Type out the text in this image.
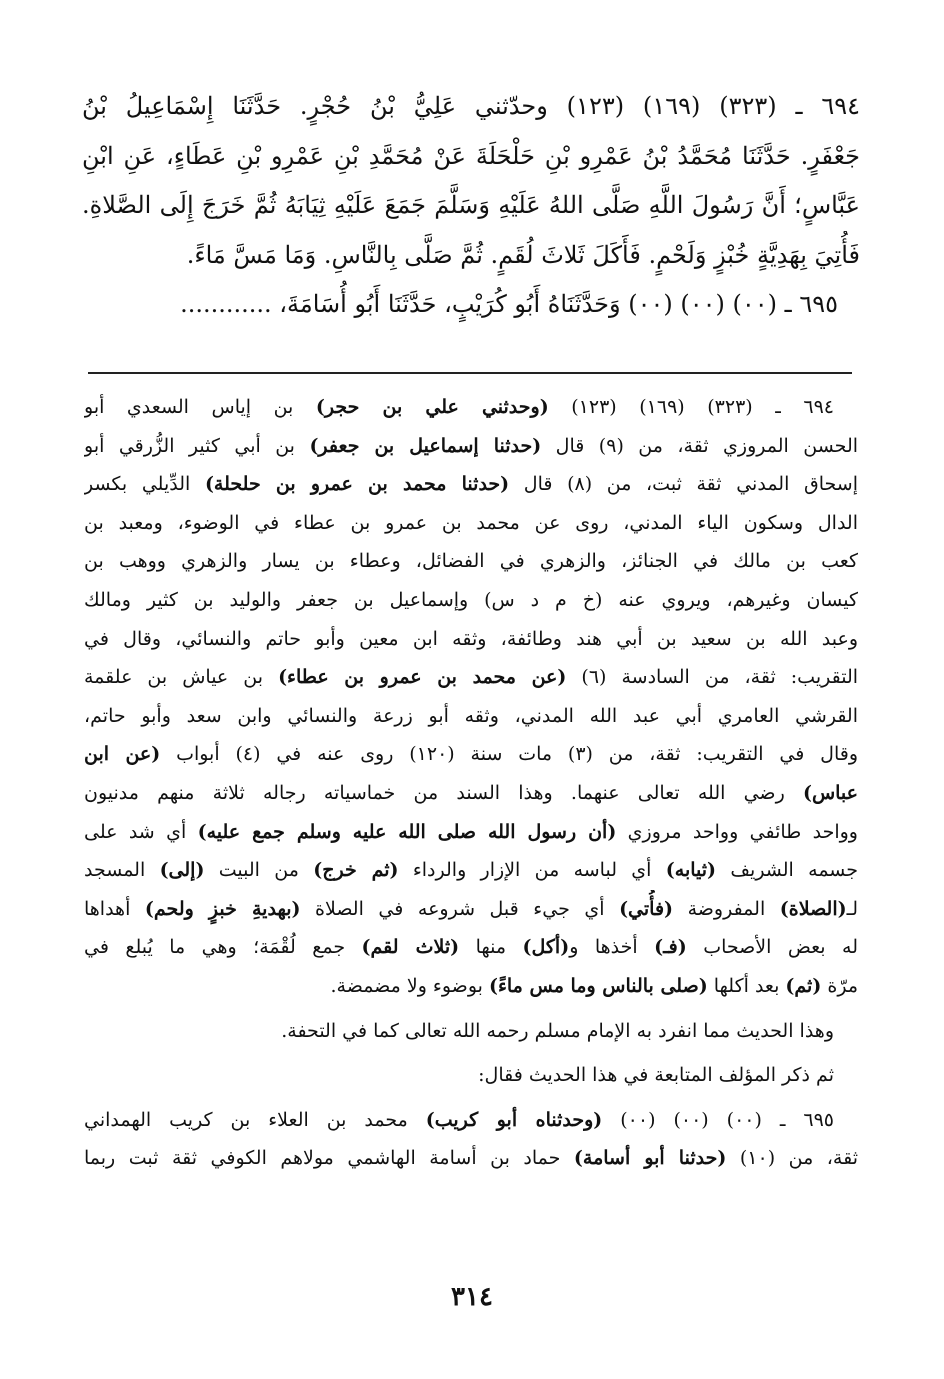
٦٩٤ ـ (٣٢٣) (١٦٩) (١٢٣) وحدّثني عَلِيُّ بْنُ حُجْرٍ. حَدَّثَنَا إِسْمَاعِيلُ بْنُ
جَعْفَرٍ. حَدَّثَنَا مُحَمَّدُ بْنُ عَمْرِو بْنِ حَلْحَلَةَ عَنْ مُحَمَّدِ بْنِ عَمْرِو بْنِ عَطَاءٍ، عَنِ ابْنِ
عَبَّاسٍ؛ أَنَّ رَسُولَ اللَّهِ صَلَّى اللهُ عَلَيْهِ وَسَلَّمَ جَمَعَ عَلَيْهِ ثِيَابَهُ ثُمَّ خَرَجَ إِلَى الصَّلاةِ.
فَأُتِيَ بِهَدِيَّةٍ خُبْزٍ وَلَحْمٍ. فَأَكَلَ ثَلاثَ لُقَمٍ. ثُمَّ صَلَّى بِالنَّاسِ. وَمَا مَسَّ مَاءً.
٦٩٥ ـ (٠٠) (٠٠) (٠٠) وَحَدَّثَنَاهُ أَبُو كُرَيْبٍ، حَدَّثَنَا أَبُو أُسَامَةَ، ............
٦٩٤ ـ (٣٢٣) (١٦٩) (١٢٣) (وحدثني علي بن حجر) بن إياس السعدي أبو
الحسن المروزي ثقة، من (٩) قال (حدثنا إسماعيل بن جعفر) بن أبي كثير الزُّرقي أبو
إسحاق المدني ثقة ثبت، من (٨) قال (حدثنا محمد بن عمرو بن حلحلة) الدِّيلي بكسر
الدال وسكون الياء المدني، روى عن محمد بن عمرو بن عطاء في الوضوء، ومعبد بن
كعب بن مالك في الجنائز، والزهري في الفضائل، وعطاء بن يسار والزهري ووهب بن
كيسان وغيرهم، ويروي عنه (خ م د س) وإسماعيل بن جعفر والوليد بن كثير ومالك
وعبد الله بن سعيد بن أبي هند وطائفة، وثقه ابن معين وأبو حاتم والنسائي، وقال في
التقريب: ثقة، من السادسة (٦) (عن محمد بن عمرو بن عطاء) بن عياش بن علقمة
القرشي العامري أبي عبد الله المدني، وثقه أبو زرعة والنسائي وابن سعد وأبو حاتم،
وقال في التقريب: ثقة، من (٣) مات سنة (١٢٠) روى عنه في (٤) أبواب (عن ابن
عباس) رضي الله تعالى عنهما. وهذا السند من خماسياته رجاله ثلاثة منهم مدنيون
وواحد طائفي وواحد مروزي (أن رسول الله صلى الله عليه وسلم جمع عليه) أي شد على
جسمه الشريف (ثيابه) أي لباسه من الإزار والرداء (ثم خرج) من البيت (إلى) المسجد
لـ(الصلاة) المفروضة (فأُتي) أي جيء قبل شروعه في الصلاة (بهديةِ خبزٍ ولحم) أهداها
له بعض الأصحاب (فـ) أخذها و(أكل) منها (ثلاث لقم) جمع لُقْمَة؛ وهي ما يُبلع في
مرّة (ثم) بعد أكلها (صلى بالناس وما مس ماءً) بوضوء ولا مضمضة.
وهذا الحديث مما انفرد به الإمام مسلم رحمه الله تعالى كما في التحفة.
ثم ذكر المؤلف المتابعة في هذا الحديث فقال:
٦٩٥ ـ (٠٠) (٠٠) (٠٠) (وحدثناه أبو كريب) محمد بن العلاء بن كريب الهمداني
ثقة، من (١٠) (حدثنا أبو أسامة) حماد بن أسامة الهاشمي مولاهم الكوفي ثقة ثبت ربما
٣١٤
